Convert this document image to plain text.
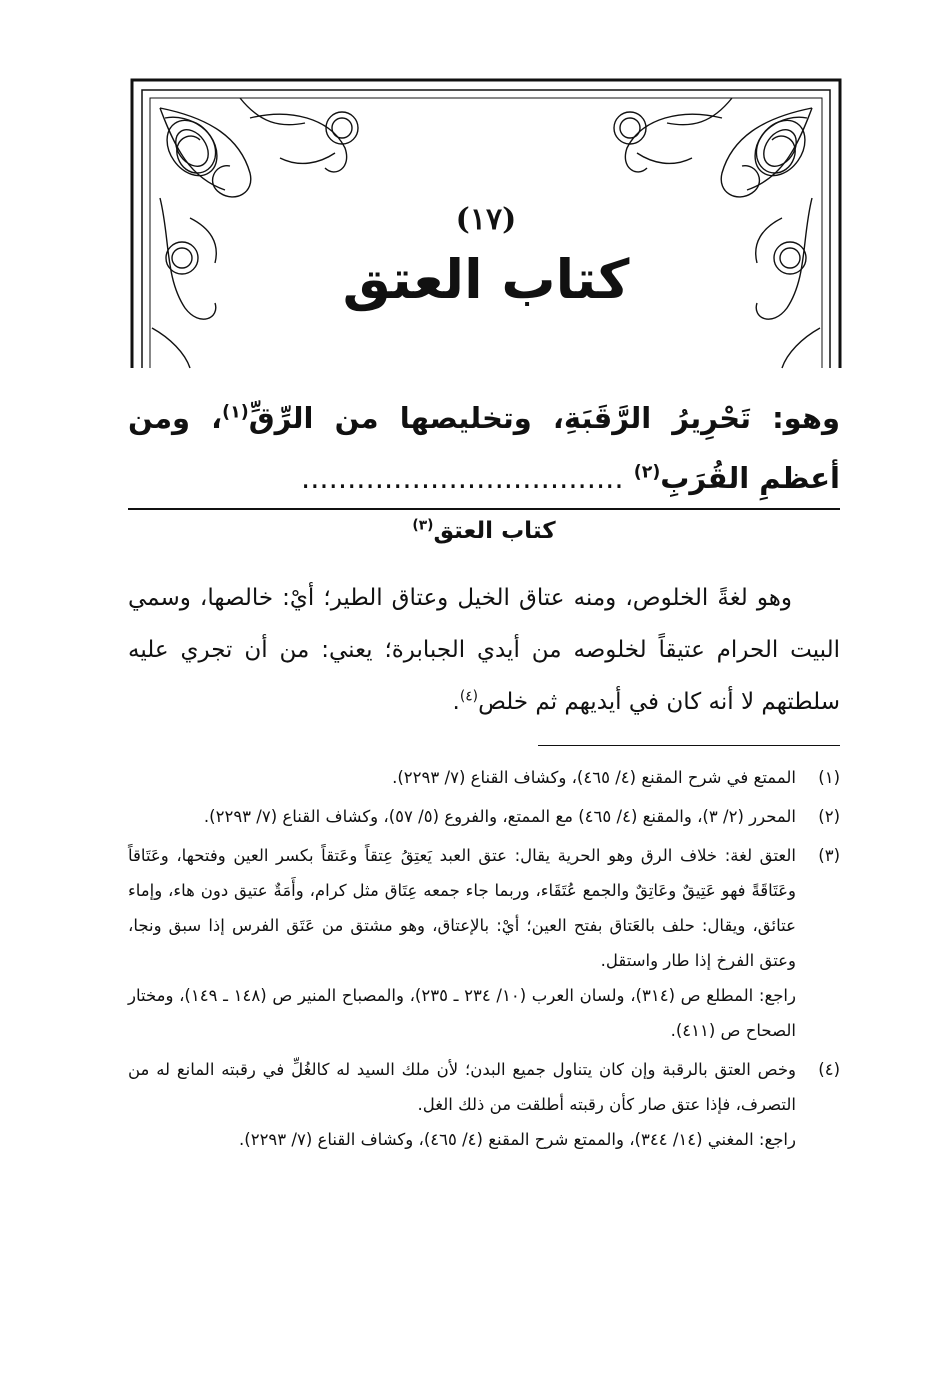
(١٧)
كتاب العتق
وهو: تَحْرِيرُ الرَّقَبَةِ، وتخليصها من الرِّقِّ$^{(١)}$، ومن أعظمِ القُرَبِ$^{(٢)}$ ...................................
كتاب العتق$^{(٣)}$
وهو لغةً الخلوص، ومنه عتاق الخيل وعتاق الطير؛ أيْ: خالصها، وسمي البيت الحرام عتيقاً لخلوصه من أيدي الجبابرة؛ يعني: من أن تجري عليه سلطتهم لا أنه كان في أيديهم ثم خلص$^{(٤)}$.
(١)

الممتع في شرح المقنع (٤/ ٤٦٥)، وكشاف القناع (٧/ ٢٢٩٣).

(٢)

المحرر (٢/ ٣)، والمقنع (٤/ ٤٦٥) مع الممتع، والفروع (٥/ ٥٧)، وكشاف القناع (٧/ ٢٢٩٣).

(٣)

العتق لغة: خلاف الرق وهو الحرية يقال: عتق العبد يَعتِقُ عِتقاً وعَتقاً بكسر العين وفتحها، وعَتَاقاً وعَتَاقَةً فهو عَتِيقٌ وعَاتِقٌ والجمع عُتَقَاء، وربما جاء جمعه عِتَاق مثل كرام، وأَمَةٌ عتيق دون هاء، وإماء عتائق، ويقال: حلف بالعَتاق بفتح العين؛ أيْ: بالإعتاق، وهو مشتق من عَتَق الفرس إذا سبق ونجا، وعتق الفرخ إذا طار واستقل.

راجع: المطلع ص (٣١٤)، ولسان العرب (١٠/ ٢٣٤ ـ ٢٣٥)، والمصباح المنير ص (١٤٨ ـ ١٤٩)، ومختار الصحاح ص (٤١١).

(٤)

وخص العتق بالرقبة وإن كان يتناول جميع البدن؛ لأن ملك السيد له كالغُلِّ في رقبته المانع له من التصرف، فإذا عتق صار كأن رقبته أطلقت من ذلك الغل.

راجع: المغني (١٤/ ٣٤٤)، والممتع شرح المقنع (٤/ ٤٦٥)، وكشاف القناع (٧/ ٢٢٩٣).
